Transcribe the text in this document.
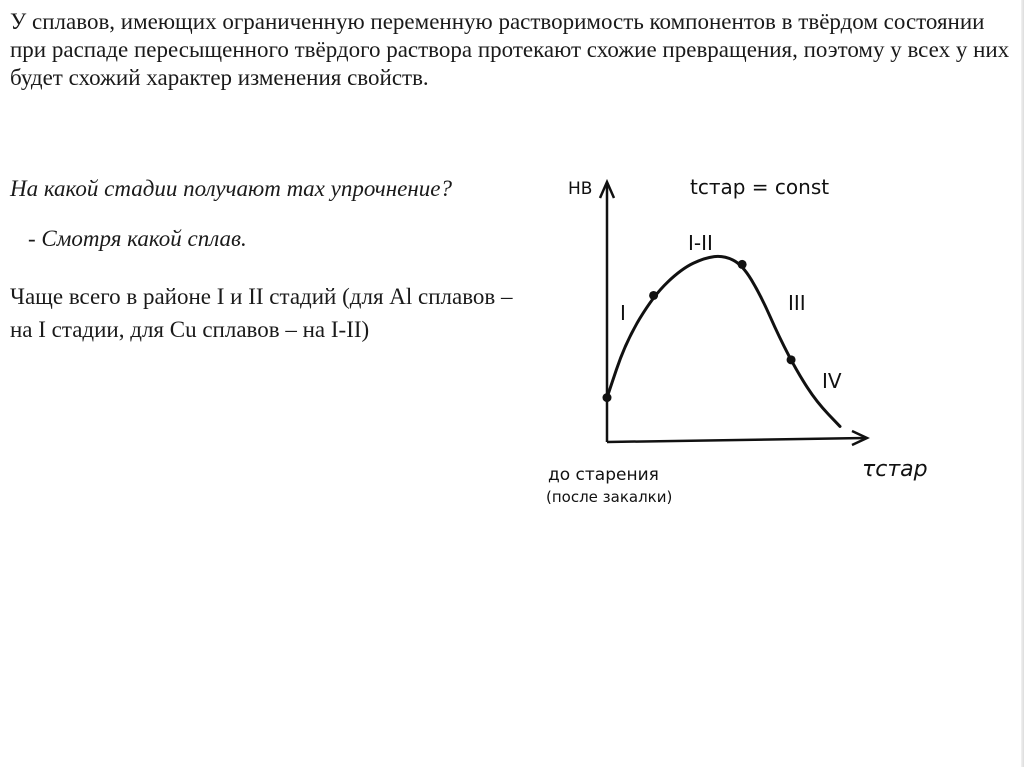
У сплавов, имеющих ограниченную переменную растворимость компонентов в твёрдом состоянии при распаде пересыщенного твёрдого раствора протекают схожие превращения, поэтому у всех у них будет схожий характер изменения свойств.

На какой стадии получают max упрочнение?
- Смотря какой сплав.

Чаще всего в районе I и II стадий (для Al сплавов – на I стадии, для Cu сплавов – на I-II)

HB	tстар = const
τстар
до старения
(после закалки)
I
I-II
III
IV
